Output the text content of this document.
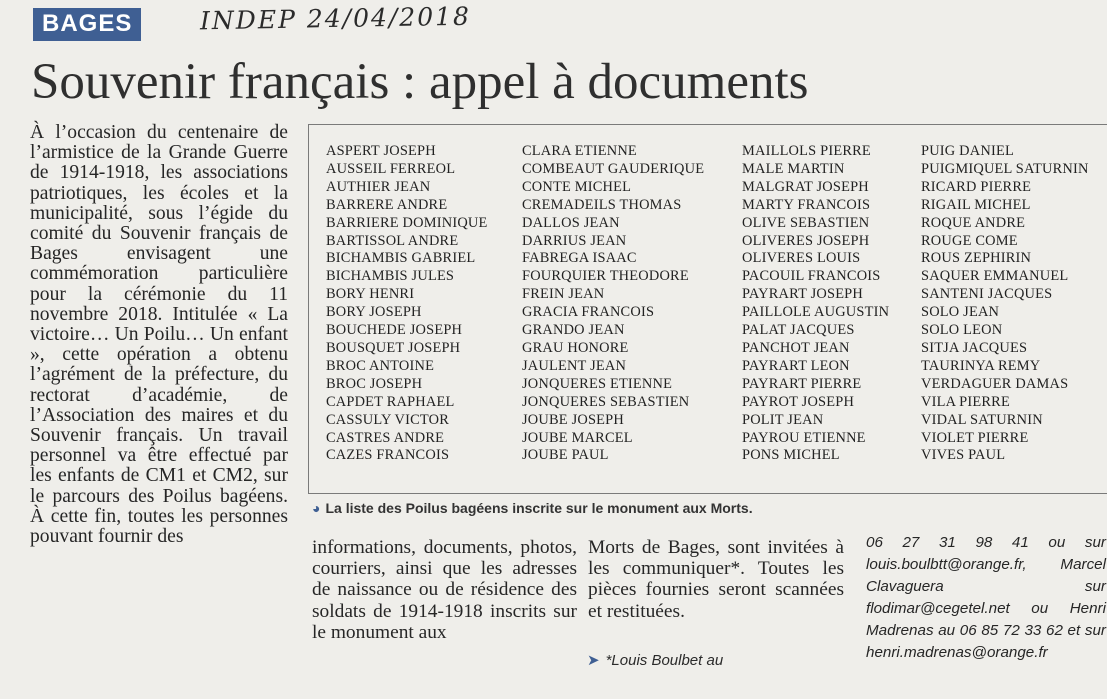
BAGES	INDEP 24/04/2018
Souvenir français : appel à documents

À l’occasion du centenaire de l’armistice de la Grande Guerre de 1914-1918, les associations patriotiques, les écoles et la municipalité, sous l’égide du comité du Souvenir français de Bages envisagent une commémoration particulière pour la cérémonie du 11 novembre 2018. Intitulée « La victoire… Un Poilu… Un enfant », cette opération a obtenu l’agrément de la préfecture, du rectorat d’académie, de l’Association des maires et du Souvenir français. Un travail personnel va être effectué par les enfants de CM1 et CM2, sur le parcours des Poilus bagéens. À cette fin, toutes les personnes pouvant fournir des

ASPERT JOSEPH
AUSSEIL FERREOL
AUTHIER JEAN
BARRERE ANDRE
BARRIERE DOMINIQUE
BARTISSOL ANDRE
BICHAMBIS GABRIEL
BICHAMBIS JULES
BORY HENRI
BORY JOSEPH
BOUCHEDE JOSEPH
BOUSQUET JOSEPH
BROC ANTOINE
BROC JOSEPH
CAPDET RAPHAEL
CASSULY VICTOR
CASTRES ANDRE
CAZES FRANCOIS
CLARA ETIENNE
COMBEAUT GAUDERIQUE
CONTE MICHEL
CREMADEILS THOMAS
DALLOS JEAN
DARRIUS JEAN
FABREGA ISAAC
FOURQUIER THEODORE
FREIN JEAN
GRACIA FRANCOIS
GRANDO JEAN
GRAU HONORE
JAULENT JEAN
JONQUERES ETIENNE
JONQUERES SEBASTIEN
JOUBE JOSEPH
JOUBE MARCEL
JOUBE PAUL
MAILLOLS PIERRE
MALE MARTIN
MALGRAT JOSEPH
MARTY FRANCOIS
OLIVE SEBASTIEN
OLIVERES JOSEPH
OLIVERES LOUIS
PACOUIL FRANCOIS
PAYRART JOSEPH
PAILLOLE AUGUSTIN
PALAT JACQUES
PANCHOT JEAN
PAYRART LEON
PAYRART PIERRE
PAYROT JOSEPH
POLIT JEAN
PAYROU ETIENNE
PONS MICHEL
PUIG DANIEL
PUIGMIQUEL SATURNIN
RICARD PIERRE
RIGAIL MICHEL
ROQUE ANDRE
ROUGE COME
ROUS ZEPHIRIN
SAQUER EMMANUEL
SANTENI JACQUES
SOLO JEAN
SOLO LEON
SITJA JACQUES
TAURINYA REMY
VERDAGUER DAMAS
VILA PIERRE
VIDAL SATURNIN
VIOLET PIERRE
VIVES PAUL
◕ La liste des Poilus bagéens inscrite sur le monument aux Morts.

informations, documents, photos, courriers, ainsi que les adresses de naissance ou de résidence des soldats de 1914-1918 inscrits sur le monument aux

Morts de Bages, sont invitées à les communiquer*. Toutes les pièces fournies seront scannées et restituées.

➤ *Louis Boulbet au

06 27 31 98 41 ou sur louis.boulbtt@orange.fr, Marcel Clavaguera sur flodimar@cegetel.net ou Henri Madrenas au 06 85 72 33 62 et sur henri.madrenas@orange.fr
